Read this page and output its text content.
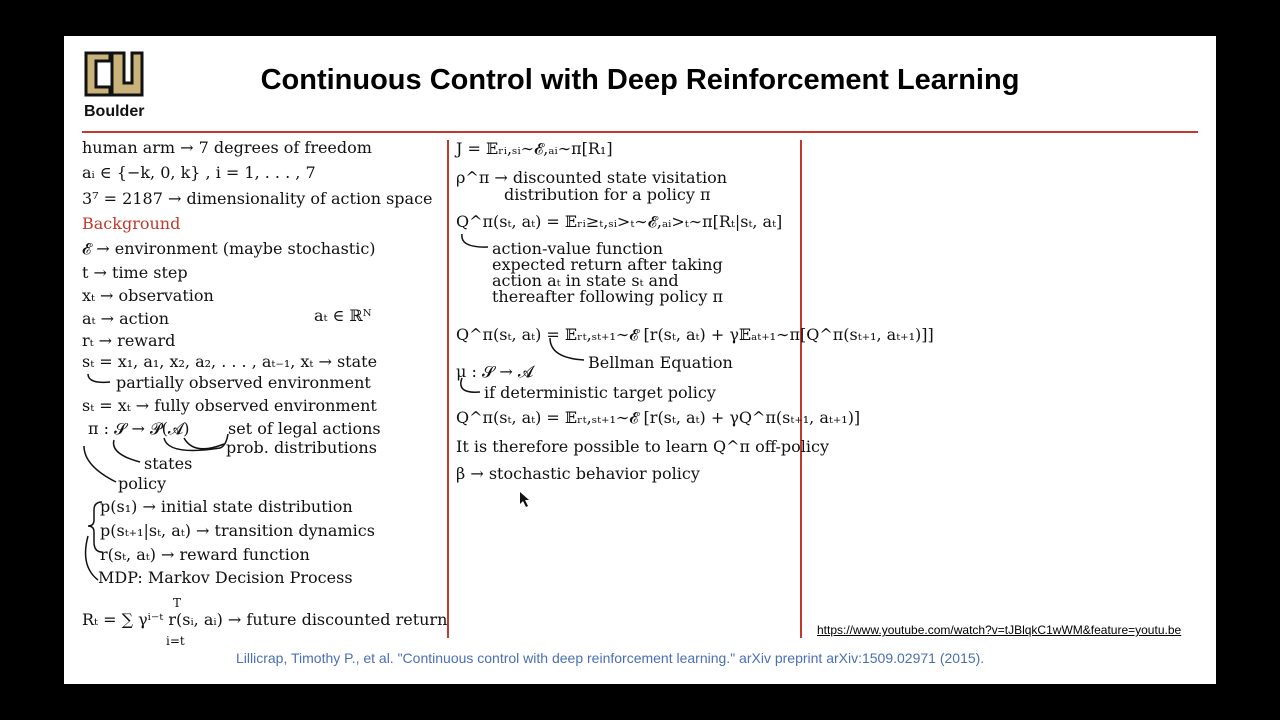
Boulder
Continuous Control with Deep Reinforcement Learning
human arm → 7 degrees of freedom
aᵢ ∈ {−k, 0, k} , i = 1, . . . , 7
3⁷ = 2187 → dimensionality of action space
Background
𝓔 → environment (maybe stochastic)
t → time step
xₜ → observation
aₜ → action	aₜ ∈ ℝᴺ
rₜ → reward
sₜ = x₁, a₁, x₂, a₂, . . . , aₜ₋₁, xₜ → state
partially observed environment
sₜ = xₜ → fully observed environment
π : 𝓢 → 𝓟(𝓐) set of legal actions
prob. distributions
states
policy
p(s₁) → initial state distribution
p(sₜ₊₁|sₜ, aₜ) → transition dynamics
r(sₜ, aₜ) → reward function
MDP: Markov Decision Process
T
Rₜ = ∑ γⁱ⁻ᵗ r(sᵢ, aᵢ) → future discounted return
i=t
J = 𝔼ᵣᵢ,ₛᵢ∼𝓔,ₐᵢ∼π[R₁]
ρ^π → discounted state visitation
distribution for a policy π
Q^π(sₜ, aₜ) = 𝔼ᵣᵢ≥ₜ,ₛᵢ>ₜ∼𝓔,ₐᵢ>ₜ∼π[Rₜ|sₜ, aₜ]
action-value function
expected return after taking
action aₜ in state sₜ and
thereafter following policy π
Q^π(sₜ, aₜ) = 𝔼ᵣₜ,ₛₜ₊₁∼𝓔 [r(sₜ, aₜ) + γ𝔼ₐₜ₊₁∼π[Q^π(sₜ₊₁, aₜ₊₁)]]
Bellman Equation
μ : 𝓢 → 𝓐
if deterministic target policy
Q^π(sₜ, aₜ) = 𝔼ᵣₜ,ₛₜ₊₁∼𝓔 [r(sₜ, aₜ) + γQ^π(sₜ₊₁, aₜ₊₁)]
It is therefore possible to learn Q^π off-policy
β → stochastic behavior policy
https://www.youtube.com/watch?v=tJBlqkC1wWM&feature=youtu.be
Lillicrap, Timothy P., et al. "Continuous control with deep reinforcement learning." arXiv preprint arXiv:1509.02971 (2015).
